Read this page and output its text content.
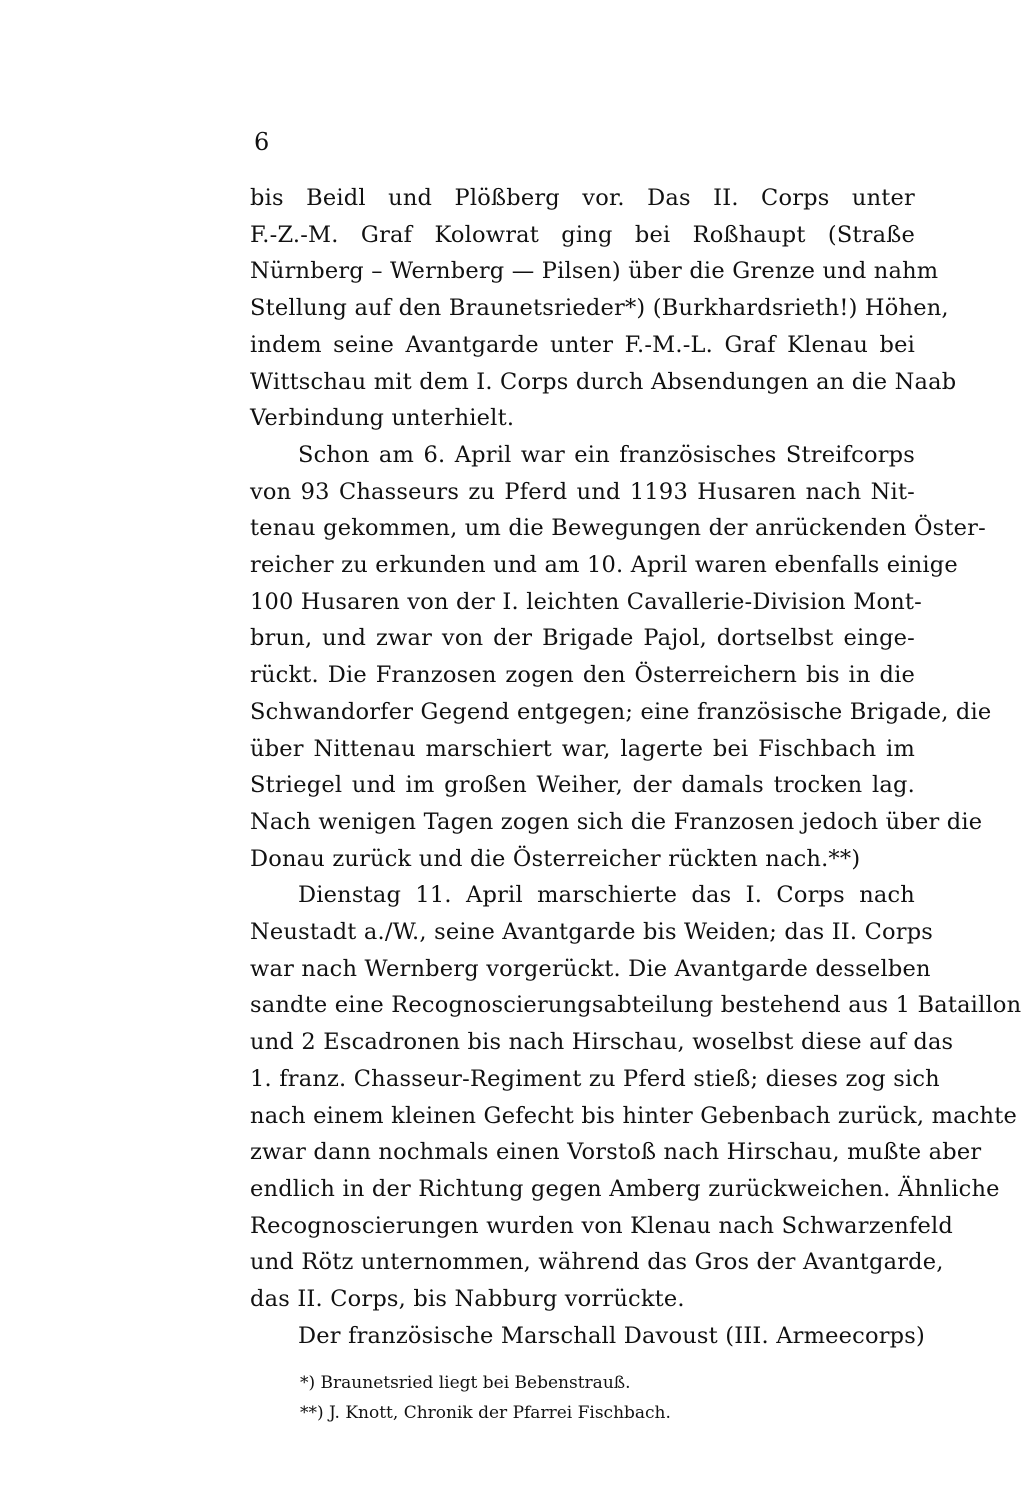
6
bis Beidl und Plößberg vor. Das II. Corps unter
F.-Z.-M. Graf Kolowrat ging bei Roßhaupt (Straße
Nürnberg – Wernberg — Pilsen) über die Grenze und nahm
Stellung auf den Braunetsrieder*) (Burkhardsrieth!) Höhen,
indem seine Avantgarde unter F.-M.-L. Graf Klenau bei
Wittschau mit dem I. Corps durch Absendungen an die Naab
Verbindung unterhielt.
Schon am 6. April war ein französisches Streifcorps
von 93 Chasseurs zu Pferd und 1193 Husaren nach Nit-
tenau gekommen, um die Bewegungen der anrückenden Öster-
reicher zu erkunden und am 10. April waren ebenfalls einige
100 Husaren von der I. leichten Cavallerie-Division Mont-
brun, und zwar von der Brigade Pajol, dortselbst einge-
rückt. Die Franzosen zogen den Österreichern bis in die
Schwandorfer Gegend entgegen; eine französische Brigade, die
über Nittenau marschiert war, lagerte bei Fischbach im
Striegel und im großen Weiher, der damals trocken lag.
Nach wenigen Tagen zogen sich die Franzosen jedoch über die
Donau zurück und die Österreicher rückten nach.**)
Dienstag 11. April marschierte das I. Corps nach
Neustadt a./W., seine Avantgarde bis Weiden; das II. Corps
war nach Wernberg vorgerückt. Die Avantgarde desselben
sandte eine Recognoscierungsabteilung bestehend aus 1 Bataillon
und 2 Escadronen bis nach Hirschau, woselbst diese auf das
1. franz. Chasseur-Regiment zu Pferd stieß; dieses zog sich
nach einem kleinen Gefecht bis hinter Gebenbach zurück, machte
zwar dann nochmals einen Vorstoß nach Hirschau, mußte aber
endlich in der Richtung gegen Amberg zurückweichen. Ähnliche
Recognoscierungen wurden von Klenau nach Schwarzenfeld
und Rötz unternommen, während das Gros der Avantgarde,
das II. Corps, bis Nabburg vorrückte.
Der französische Marschall Davoust (III. Armeecorps)
*) Braunetsried liegt bei Bebenstrauß.
**) J. Knott, Chronik der Pfarrei Fischbach.
